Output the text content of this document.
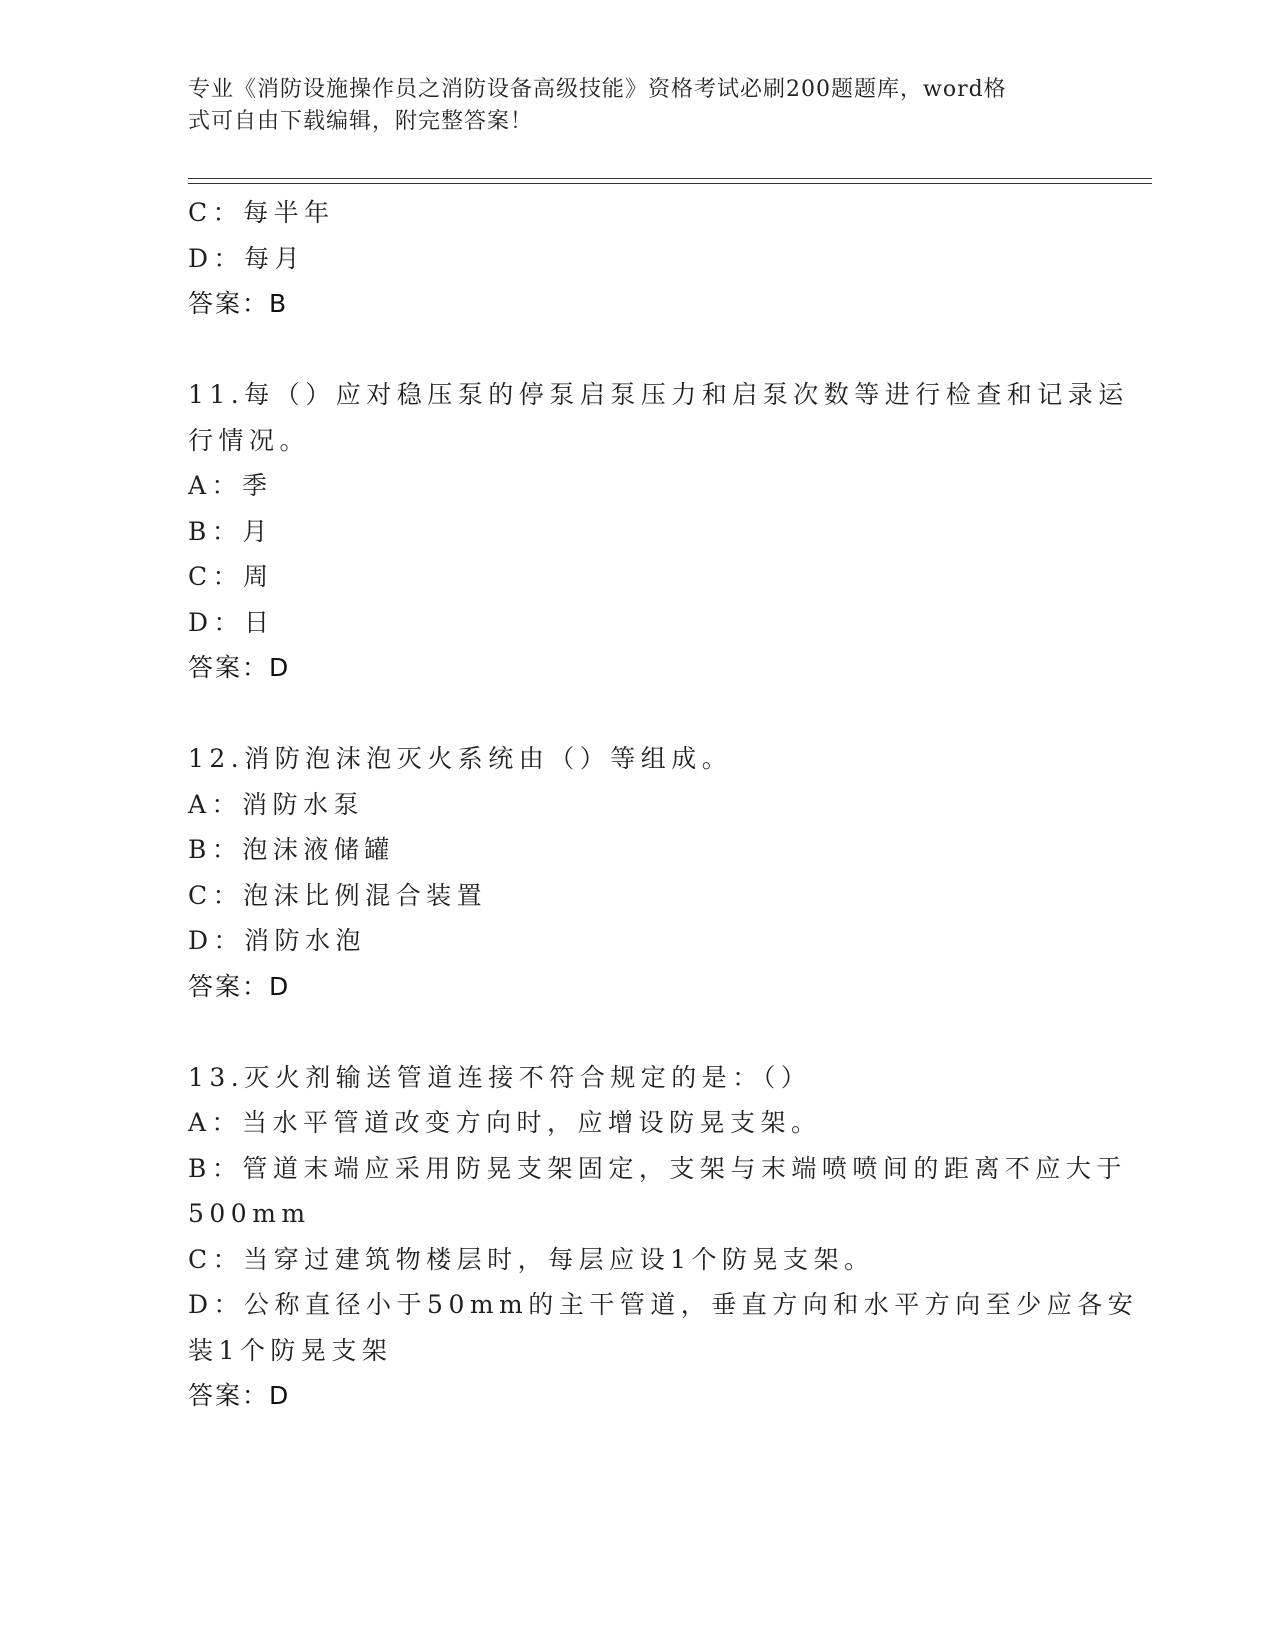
专业《消防设施操作员之消防设备高级技能》资格考试必刷200题题库，word格
式可自由下载编辑，附完整答案！
C：每半年
D：每月
答案：B
11.每（）应对稳压泵的停泵启泵压力和启泵次数等进行检查和记录运
行情况。
A：季
B：月
C：周
D：日
答案：D
12.消防泡沫泡灭火系统由（）等组成。
A：消防水泵
B：泡沫液储罐
C：泡沫比例混合装置
D：消防水泡
答案：D
13.灭火剂输送管道连接不符合规定的是：（）
A：当水平管道改变方向时，应增设防晃支架。
B：管道末端应采用防晃支架固定，支架与末端喷喷间的距离不应大于
500mm
C：当穿过建筑物楼层时，每层应设1个防晃支架。
D：公称直径小于50mm的主干管道，垂直方向和水平方向至少应各安
装1个防晃支架
答案：D
